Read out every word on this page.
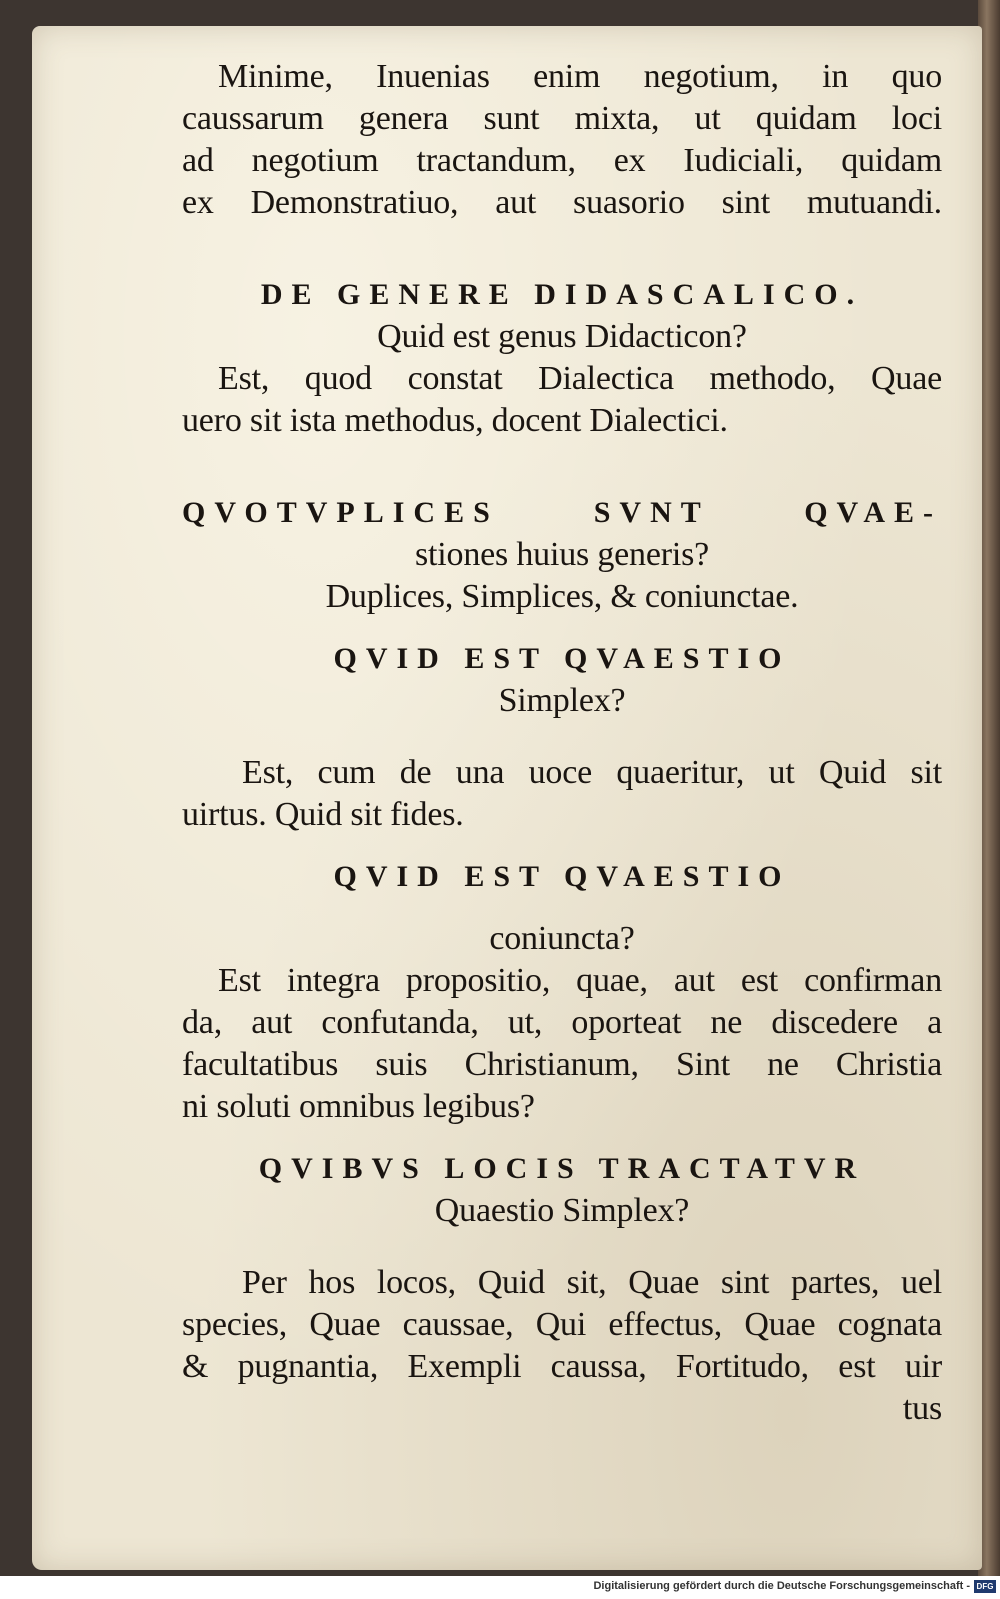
Minime, Inuenias enim negotium, in quo

caussarum genera sunt mixta, ut quidam loci

ad negotium tractandum, ex Iudiciali, quidam

ex Demonstratiuo, aut suasorio sint mutuandi.

DE GENERE DIDASCALICO.

Quid est genus Didacticon?

Est, quod constat Dialectica methodo, Quae

uero sit ista methodus, docent Dialectici.

QVOTVPLICES SVNT QVAE-

stiones huius generis?

Duplices, Simplices, & coniunctae.

QVID EST QVAESTIO

Simplex?

Est, cum de una uoce quaeritur, ut Quid sit

uirtus. Quid sit fides.

QVID EST QVAESTIO

coniuncta?

Est integra propositio, quae, aut est confirman

da, aut confutanda, ut, oporteat ne discedere a

facultatibus suis Christianum, Sint ne Christia

ni soluti omnibus legibus?

QVIBVS LOCIS TRACTATVR

Quaestio Simplex?

Per hos locos, Quid sit, Quae sint partes, uel

species, Quae caussae, Qui effectus, Quae cognata

& pugnantia, Exempli caussa, Fortitudo, est uir

tus

Digitalisierung gefördert durch die Deutsche Forschungsgemeinschaft - DFG
